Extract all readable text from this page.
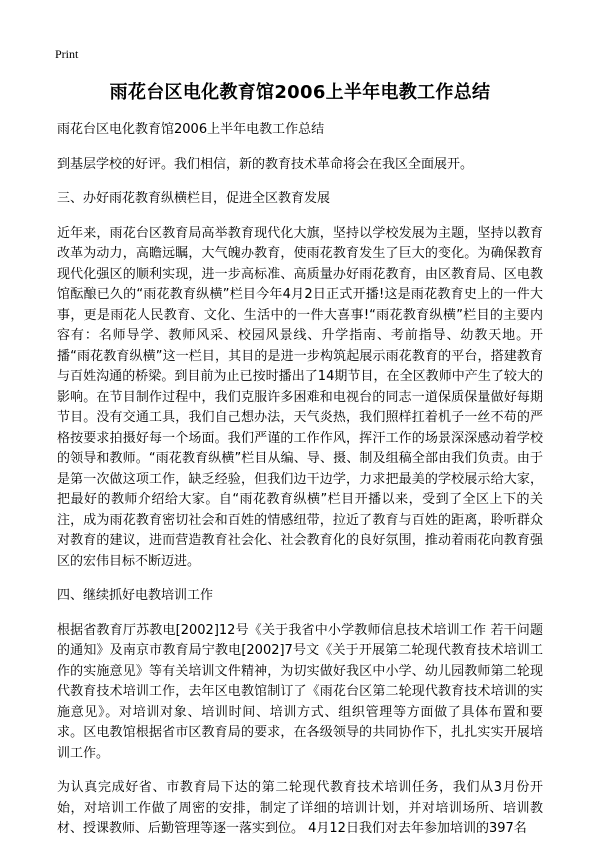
Print
雨花台区电化教育馆2006上半年电教工作总结

雨花台区电化教育馆2006上半年电教工作总结

到基层学校的好评。我们相信，新的教育技术革命将会在我区全面展开。

三、办好雨花教育纵横栏目，促进全区教育发展

近年来，雨花台区教育局高举教育现代化大旗，坚持以学校发展为主题，坚持以教育改革为动力，高瞻远瞩，大气魄办教育，使雨花教育发生了巨大的变化。为确保教育现代化强区的顺利实现，进一步高标准、高质量办好雨花教育，由区教育局、区电教馆酝酿已久的“雨花教育纵横”栏目今年4月2日正式开播!这是雨花教育史上的一件大事，更是雨花人民教育、文化、生活中的一件大喜事!“雨花教育纵横”栏目的主要内容有：名师导学、教师风采、校园风景线、升学指南、考前指导、幼教天地。开播“雨花教育纵横”这一栏目，其目的是进一步构筑起展示雨花教育的平台，搭建教育与百姓沟通的桥梁。到目前为止已按时播出了14期节目，在全区教师中产生了较大的影响。在节目制作过程中，我们克服许多困难和电视台的同志一道保质保量做好每期节目。没有交通工具，我们自己想办法，天气炎热，我们照样扛着机子一丝不苟的严格按要求拍摄好每一个场面。我们严谨的工作作风，挥汗工作的场景深深感动着学校的领导和教师。“雨花教育纵横”栏目从编、导、摄、制及组稿全部由我们负责。由于是第一次做这项工作，缺乏经验，但我们边干边学，力求把最美的学校展示给大家，把最好的教师介绍给大家。自“雨花教育纵横”栏目开播以来，受到了全区上下的关注，成为雨花教育密切社会和百姓的情感纽带，拉近了教育与百姓的距离，聆听群众对教育的建议，进而营造教育社会化、社会教育化的良好氛围，推动着雨花向教育强区的宏伟目标不断迈进。

四、继续抓好电教培训工作

根据省教育厅苏教电[2002]12号《关于我省中小学教师信息技术培训工作 若干问题的通知》及南京市教育局宁教电[2002]7号文《关于开展第二轮现代教育技术培训工作的实施意见》等有关培训文件精神，为切实做好我区中小学、幼儿园教师第二轮现代教育技术培训工作，去年区电教馆制订了《雨花台区第二轮现代教育技术培训的实施意见》。对培训对象、培训时间、培训方式、组织管理等方面做了具体布置和要求。区电教馆根据省市区教育局的要求，在各级领导的共同协作下，扎扎实实开展培训工作。

为认真完成好省、市教育局下达的第二轮现代教育技术培训任务，我们从3月份开始，对培训工作做了周密的安排，制定了详细的培训计划，并对培训场所、培训教材、授课教师、后勤管理等逐一落实到位。 4月12日我们对去年参加培训的397名
